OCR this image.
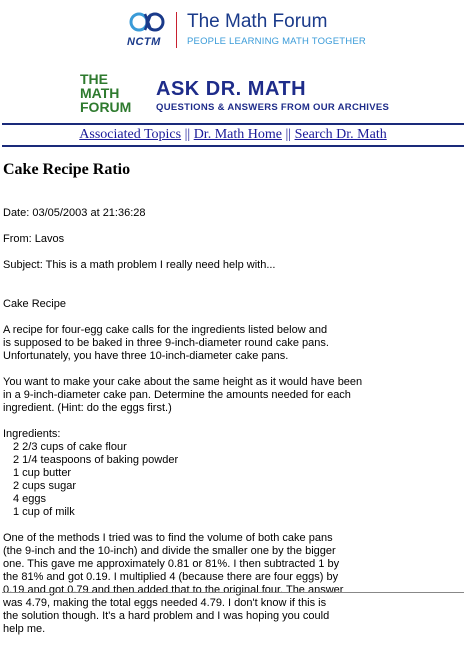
NCTM
The Math Forum
PEOPLE LEARNING MATH TOGETHER
THE
MATH
FORUM
ASK DR. MATH
QUESTIONS & ANSWERS FROM OUR ARCHIVES
Associated Topics || Dr. Math Home || Search Dr. Math
Cake Recipe Ratio

Date: 03/05/2003 at 21:36:28

From: Lavos

Subject: This is a math problem I really need help with...

Cake Recipe

A recipe for four-egg cake calls for the ingredients listed below and
is supposed to be baked in three 9-inch-diameter round cake pans.
Unfortunately, you have three 10-inch-diameter cake pans.

You want to make your cake about the same height as it would have been
in a 9-inch-diameter cake pan. Determine the amounts needed for each
ingredient. (Hint: do the eggs first.)

Ingredients:
2 2/3 cups of cake flour
2 1/4 teaspoons of baking powder
1 cup butter
2 cups sugar
4 eggs
1 cup of milk

One of the methods I tried was to find the volume of both cake pans
(the 9-inch and the 10-inch) and divide the smaller one by the bigger
one. This gave me approximately 0.81 or 81%. I then subtracted 1 by
the 81% and got 0.19. I multiplied 4 (because there are four eggs) by
0.19 and got 0.79 and then added that to the original four. The answer
was 4.79, making the total eggs needed 4.79. I don't know if this is
the solution though. It's a hard problem and I was hoping you could
help me.
